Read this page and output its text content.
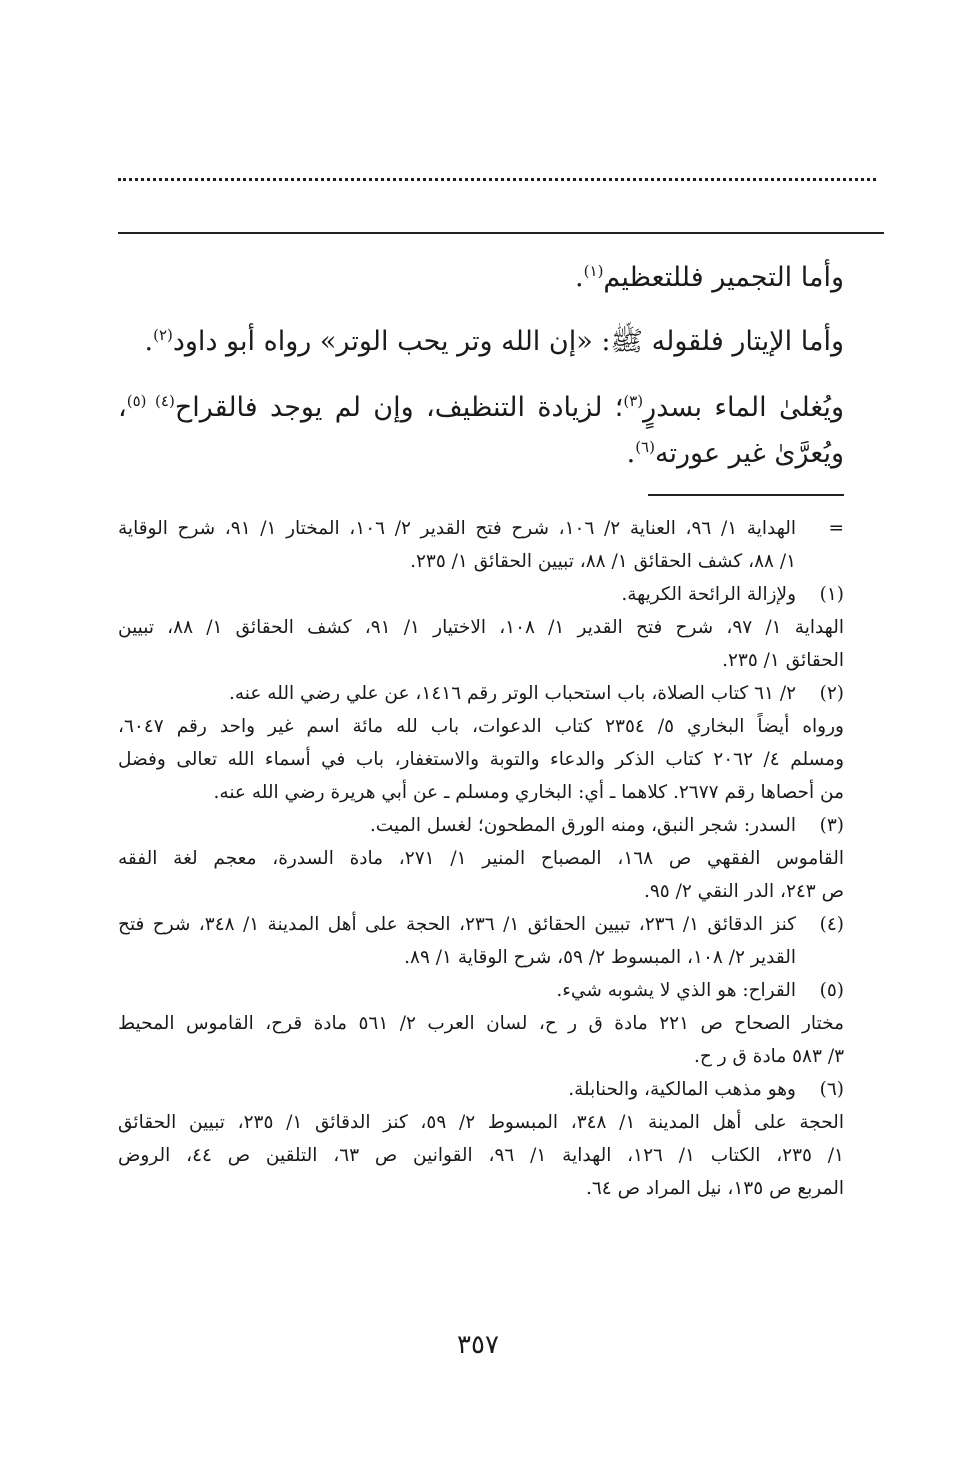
وأما التجمير فللتعظيم$^{(١)}$.
وأما الإيتار فلقوله ﷺ: «إن الله وتر يحب الوتر» رواه أبو داود$^{(٢)}$.
ويُغلىٰ الماء بسدرٍ$^{(٣)}$؛ لزيادة التنظيف، وإن لم يوجد فالقراح$^{(٤) (٥)}$،
ويُعرَّىٰ غير عورته$^{(٦)}$.
=
الهداية ١/ ٩٦، العناية ٢/ ١٠٦، شرح فتح القدير ٢/ ١٠٦، المختار ١/ ٩١، شرح الوقاية
١/ ٨٨، كشف الحقائق ١/ ٨٨، تبيين الحقائق ١/ ٢٣٥.
(١)
ولإزالة الرائحة الكريهة.
الهداية ١/ ٩٧، شرح فتح القدير ١/ ١٠٨، الاختيار ١/ ٩١، كشف الحقائق ١/ ٨٨، تبيين
الحقائق ١/ ٢٣٥.
(٢)
٢/ ٦١ كتاب الصلاة، باب استحباب الوتر رقم ١٤١٦، عن علي رضي الله عنه.
ورواه أيضاً البخاري ٥/ ٢٣٥٤ كتاب الدعوات، باب لله مائة اسم غير واحد رقم ٦٠٤٧،
ومسلم ٤/ ٢٠٦٢ كتاب الذكر والدعاء والتوبة والاستغفار، باب في أسماء الله تعالى وفضل
من أحصاها رقم ٢٦٧٧. كلاهما ـ أي: البخاري ومسلم ـ عن أبي هريرة رضي الله عنه.
(٣)
السدر: شجر النبق، ومنه الورق المطحون؛ لغسل الميت.
القاموس الفقهي ص ١٦٨، المصباح المنير ١/ ٢٧١، مادة السدرة، معجم لغة الفقه
ص ٢٤٣، الدر النقي ٢/ ٩٥.
(٤)
كنز الدقائق ١/ ٢٣٦، تبيين الحقائق ١/ ٢٣٦، الحجة على أهل المدينة ١/ ٣٤٨، شرح فتح
القدير ٢/ ١٠٨، المبسوط ٢/ ٥٩، شرح الوقاية ١/ ٨٩.
(٥)
القراح: هو الذي لا يشوبه شيء.
مختار الصحاح ص ٢٢١ مادة ق ر ح، لسان العرب ٢/ ٥٦١ مادة قرح، القاموس المحيط
٣/ ٥٨٣ مادة ق ر ح.
(٦)
وهو مذهب المالكية، والحنابلة.
الحجة على أهل المدينة ١/ ٣٤٨، المبسوط ٢/ ٥٩، كنز الدقائق ١/ ٢٣٥، تبيين الحقائق
١/ ٢٣٥، الكتاب ١/ ١٢٦، الهداية ١/ ٩٦، القوانين ص ٦٣، التلقين ص ٤٤، الروض
المربع ص ١٣٥، نيل المراد ص ٦٤.
٣٥٧
